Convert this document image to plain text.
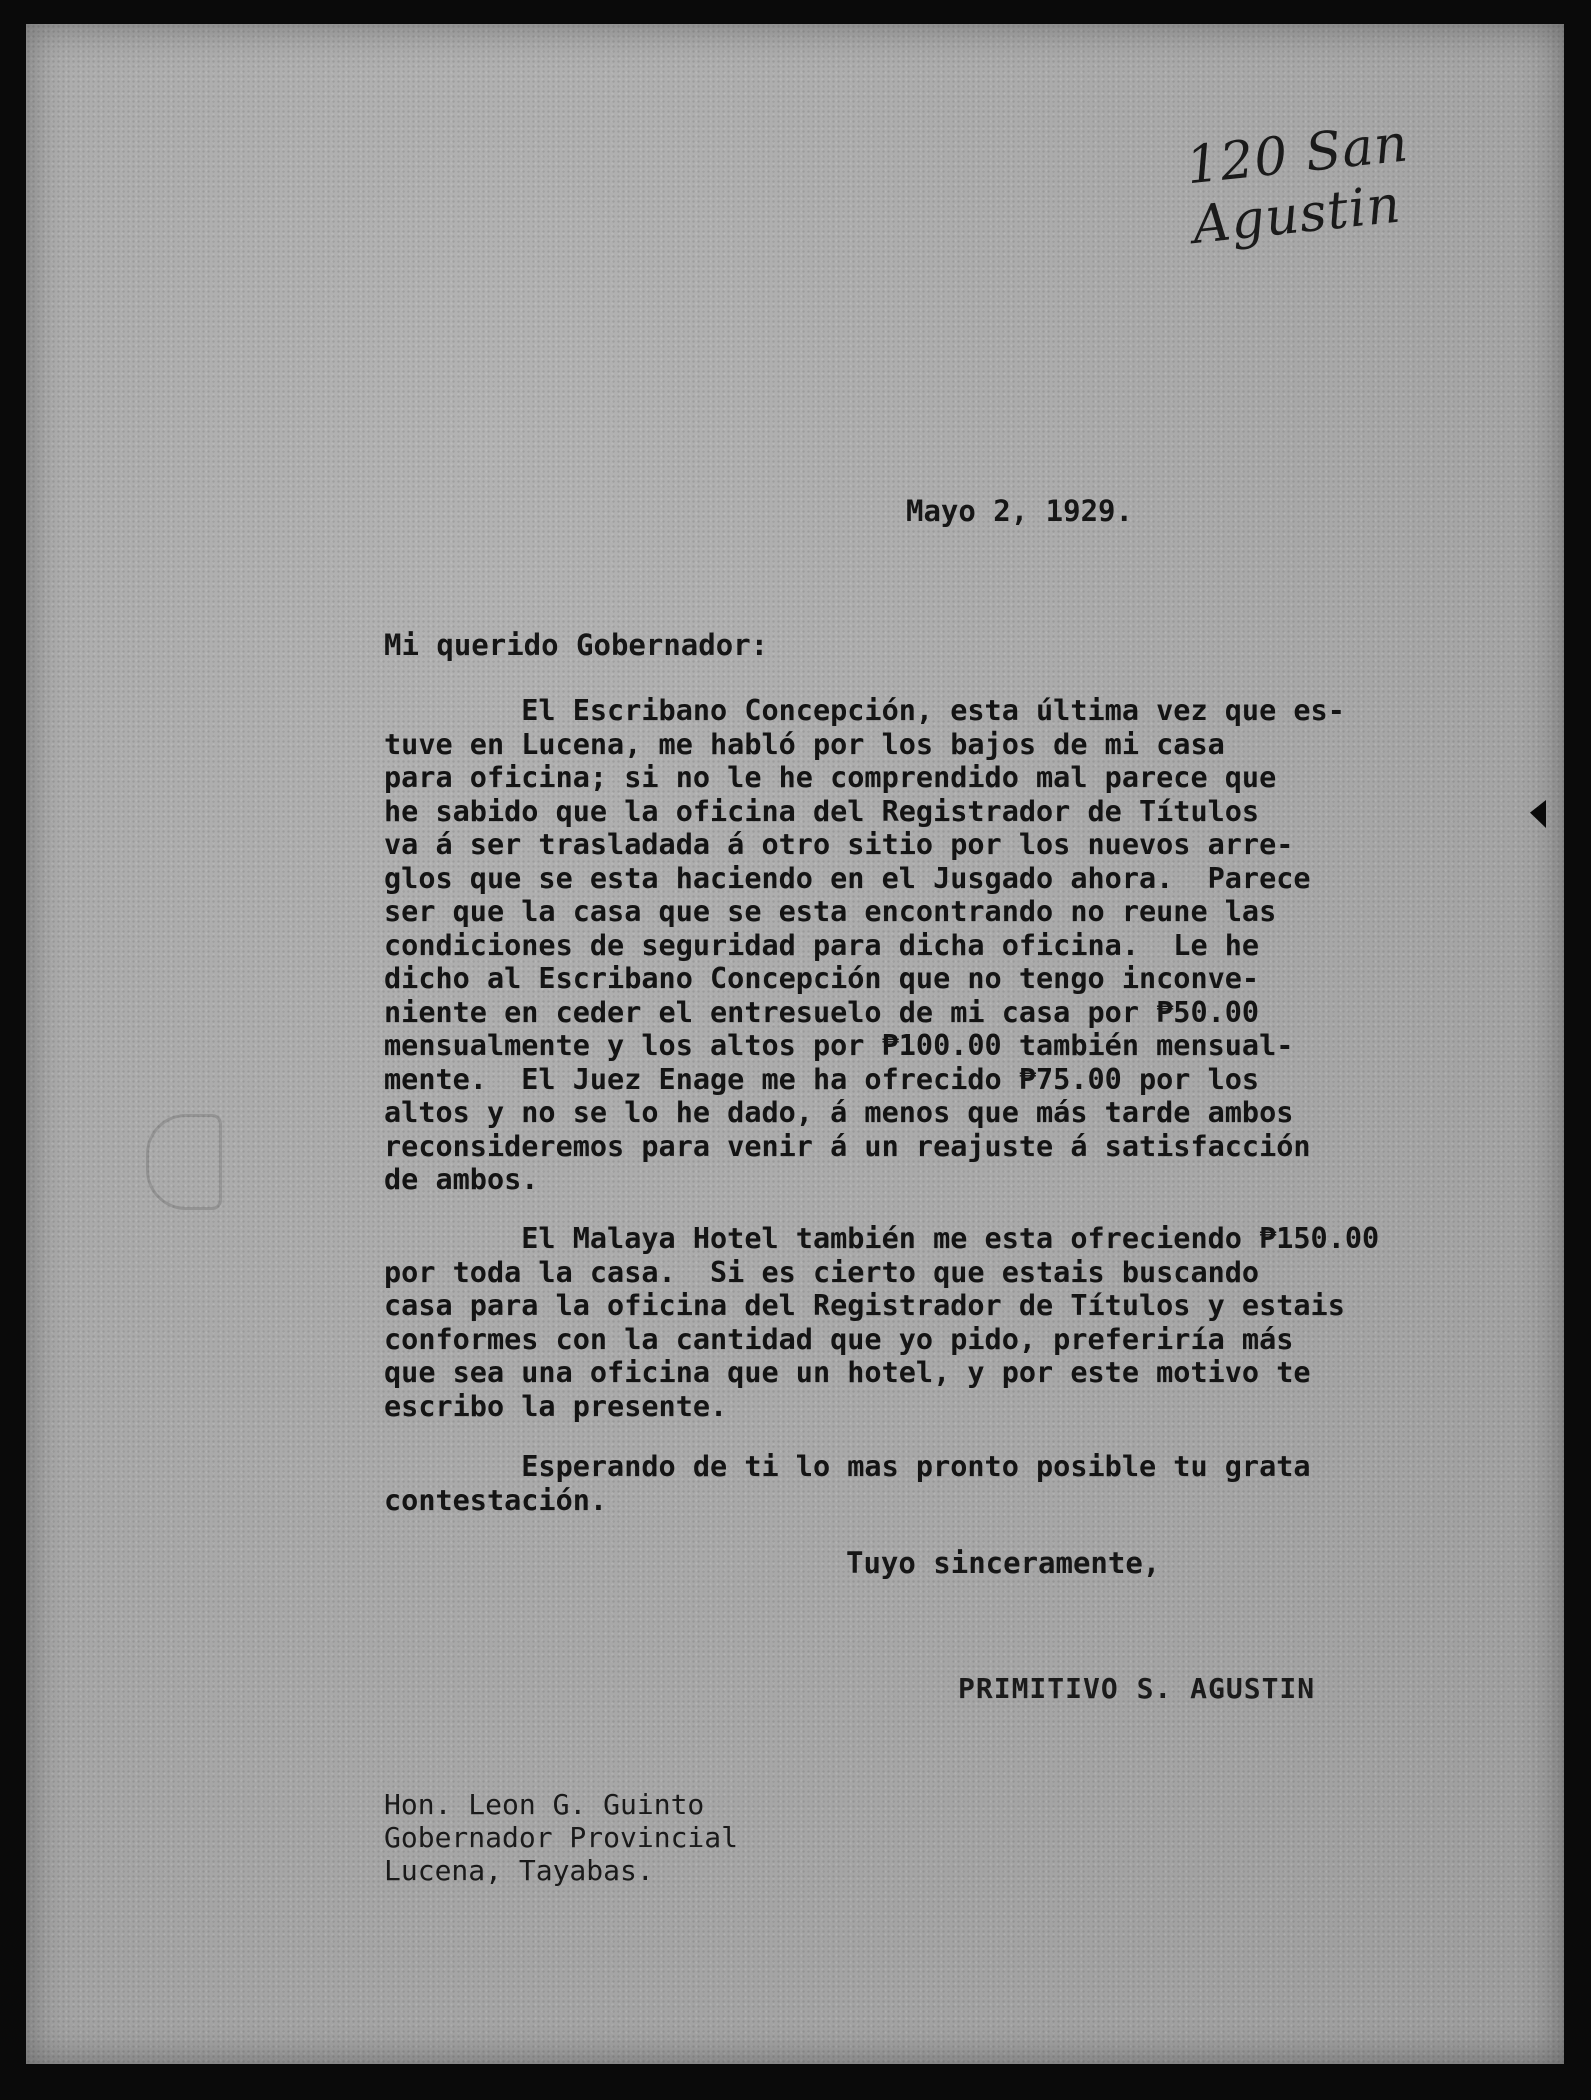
120 San Agustin
Mayo 2, 1929.
Mi querido Gobernador:

El Escribano Concepción, esta última vez que es-
tuve en Lucena, me habló por los bajos de mi casa
para oficina; si no le he comprendido mal parece que
he sabido que la oficina del Registrador de Títulos
va á ser trasladada á otro sitio por los nuevos arre-
glos que se esta haciendo en el Jusgado ahora.  Parece
ser que la casa que se esta encontrando no reune las
condiciones de seguridad para dicha oficina.  Le he
dicho al Escribano Concepción que no tengo inconve-
niente en ceder el entresuelo de mi casa por ₱50.00
mensualmente y los altos por ₱100.00 también mensual-
mente.  El Juez Enage me ha ofrecido ₱75.00 por los
altos y no se lo he dado, á menos que más tarde ambos
reconsideremos para venir á un reajuste á satisfacción
de ambos.

El Malaya Hotel también me esta ofreciendo ₱150.00
por toda la casa.  Si es cierto que estais buscando
casa para la oficina del Registrador de Títulos y estais
conformes con la cantidad que yo pido, preferiría más
que sea una oficina que un hotel, y por este motivo te
escribo la presente.

Esperando de ti lo mas pronto posible tu grata
contestación.

Tuyo sinceramente,
PRIMITIVO S. AGUSTIN

Hon. Leon G. Guinto
Gobernador Provincial
Lucena, Tayabas.
